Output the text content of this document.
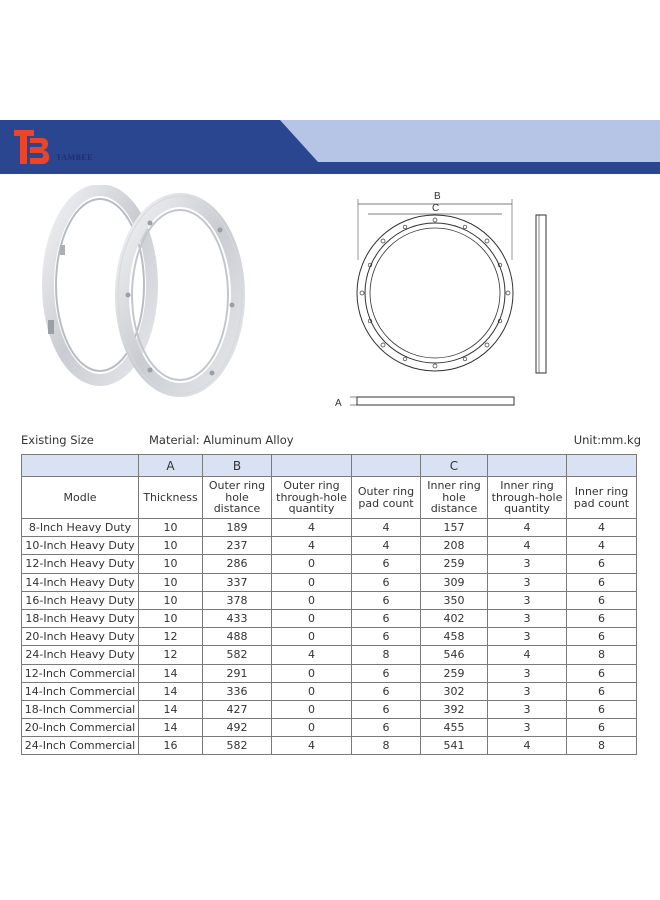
TAMBEE
B
C
A
Existing Size	Material: Aluminum Alloy	Unit:mm.kg
	A	B			C		
Modle	Thickness	Outer ring hole distance	Outer ring through-hole quantity	Outer ring pad count	Inner ring hole distance	Inner ring through-hole quantity	Inner ring pad count
8-Inch Heavy Duty	10	189	4	4	157	4	4
10-Inch Heavy Duty	10	237	4	4	208	4	4
12-Inch Heavy Duty	10	286	0	6	259	3	6
14-Inch Heavy Duty	10	337	0	6	309	3	6
16-Inch Heavy Duty	10	378	0	6	350	3	6
18-Inch Heavy Duty	10	433	0	6	402	3	6
20-Inch Heavy Duty	12	488	0	6	458	3	6
24-Inch Heavy Duty	12	582	4	8	546	4	8
12-Inch Commercial	14	291	0	6	259	3	6
14-Inch Commercial	14	336	0	6	302	3	6
18-Inch Commercial	14	427	0	6	392	3	6
20-Inch Commercial	14	492	0	6	455	3	6
24-Inch Commercial	16	582	4	8	541	4	8
